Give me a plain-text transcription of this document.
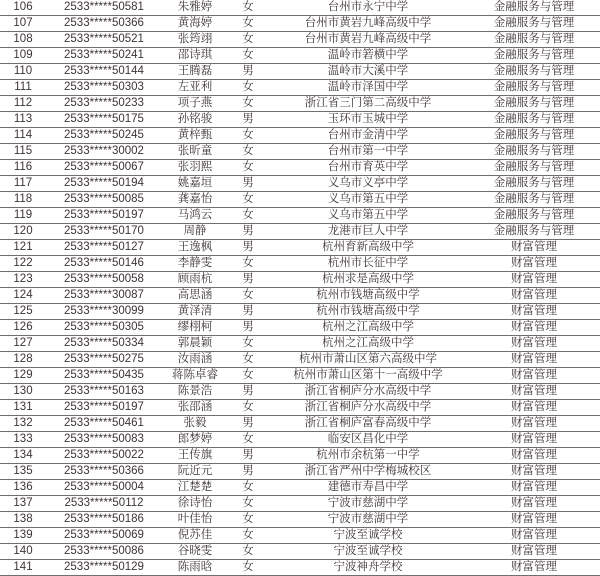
106	2533*****50581	朱雅婷	女	台州市永宁中学	金融服务与管理
107	2533*****50366	黄海婷	女	台州市黄岩九峰高级中学	金融服务与管理
108	2533*****50521	张筠翊	女	台州市黄岩九峰高级中学	金融服务与管理
109	2533*****50241	邵诗琪	女	温岭市箬横中学	金融服务与管理
110	2533*****50144	王腾磊	男	温岭市大溪中学	金融服务与管理
111	2533*****50303	左亚利	女	温岭市泽国中学	金融服务与管理
112	2533*****50233	项子燕	女	浙江省三门第二高级中学	金融服务与管理
113	2533*****50175	孙铭骏	男	玉环市玉城中学	金融服务与管理
114	2533*****50245	黄梓甄	女	台州市金清中学	金融服务与管理
115	2533*****30002	张昕童	女	台州市第一中学	金融服务与管理
116	2533*****50067	张羽熙	女	台州市育英中学	金融服务与管理
117	2533*****50194	姚嘉垣	男	义乌市义亭中学	金融服务与管理
118	2533*****50085	龚嘉怡	女	义乌市第五中学	金融服务与管理
119	2533*****50197	马鸿云	女	义乌市第五中学	金融服务与管理
120	2533*****50170	周静	男	龙港市巨人中学	金融服务与管理
121	2533*****50127	王逸枫	男	杭州育新高级中学	财富管理
122	2533*****50146	李静雯	女	杭州市长征中学	财富管理
123	2533*****50058	顾雨杭	男	杭州求是高级中学	财富管理
124	2533*****30087	高思涵	女	杭州市钱塘高级中学	财富管理
125	2533*****30099	黄泽清	男	杭州市钱塘高级中学	财富管理
126	2533*****50305	缪栩柯	男	杭州之江高级中学	财富管理
127	2533*****50334	郭晨颖	女	杭州之江高级中学	财富管理
128	2533*****50275	汝雨涵	女	杭州市萧山区第六高级中学	财富管理
129	2533*****50435	蒋陈卓睿	女	杭州市萧山区第十一高级中学	财富管理
130	2533*****50163	陈景浩	男	浙江省桐庐分水高级中学	财富管理
131	2533*****50197	张邵涵	女	浙江省桐庐分水高级中学	财富管理
132	2533*****50461	张毅	男	浙江省桐庐富春高级中学	财富管理
133	2533*****50083	郎梦婷	女	临安区昌化中学	财富管理
134	2533*****50022	王传旗	男	杭州市余杭第一中学	财富管理
135	2533*****50366	阮近元	男	浙江省严州中学梅城校区	财富管理
136	2533*****50004	江楚楚	女	建德市寿昌中学	财富管理
137	2533*****50112	徐诗怡	女	宁波市慈湖中学	财富管理
138	2533*****50186	叶佳怡	女	宁波市慈湖中学	财富管理
139	2533*****50069	倪苏佳	女	宁波至诚学校	财富管理
140	2533*****50086	谷晓雯	女	宁波至诚学校	财富管理
141	2533*****50129	陈雨晗	女	宁波神舟学校	财富管理
